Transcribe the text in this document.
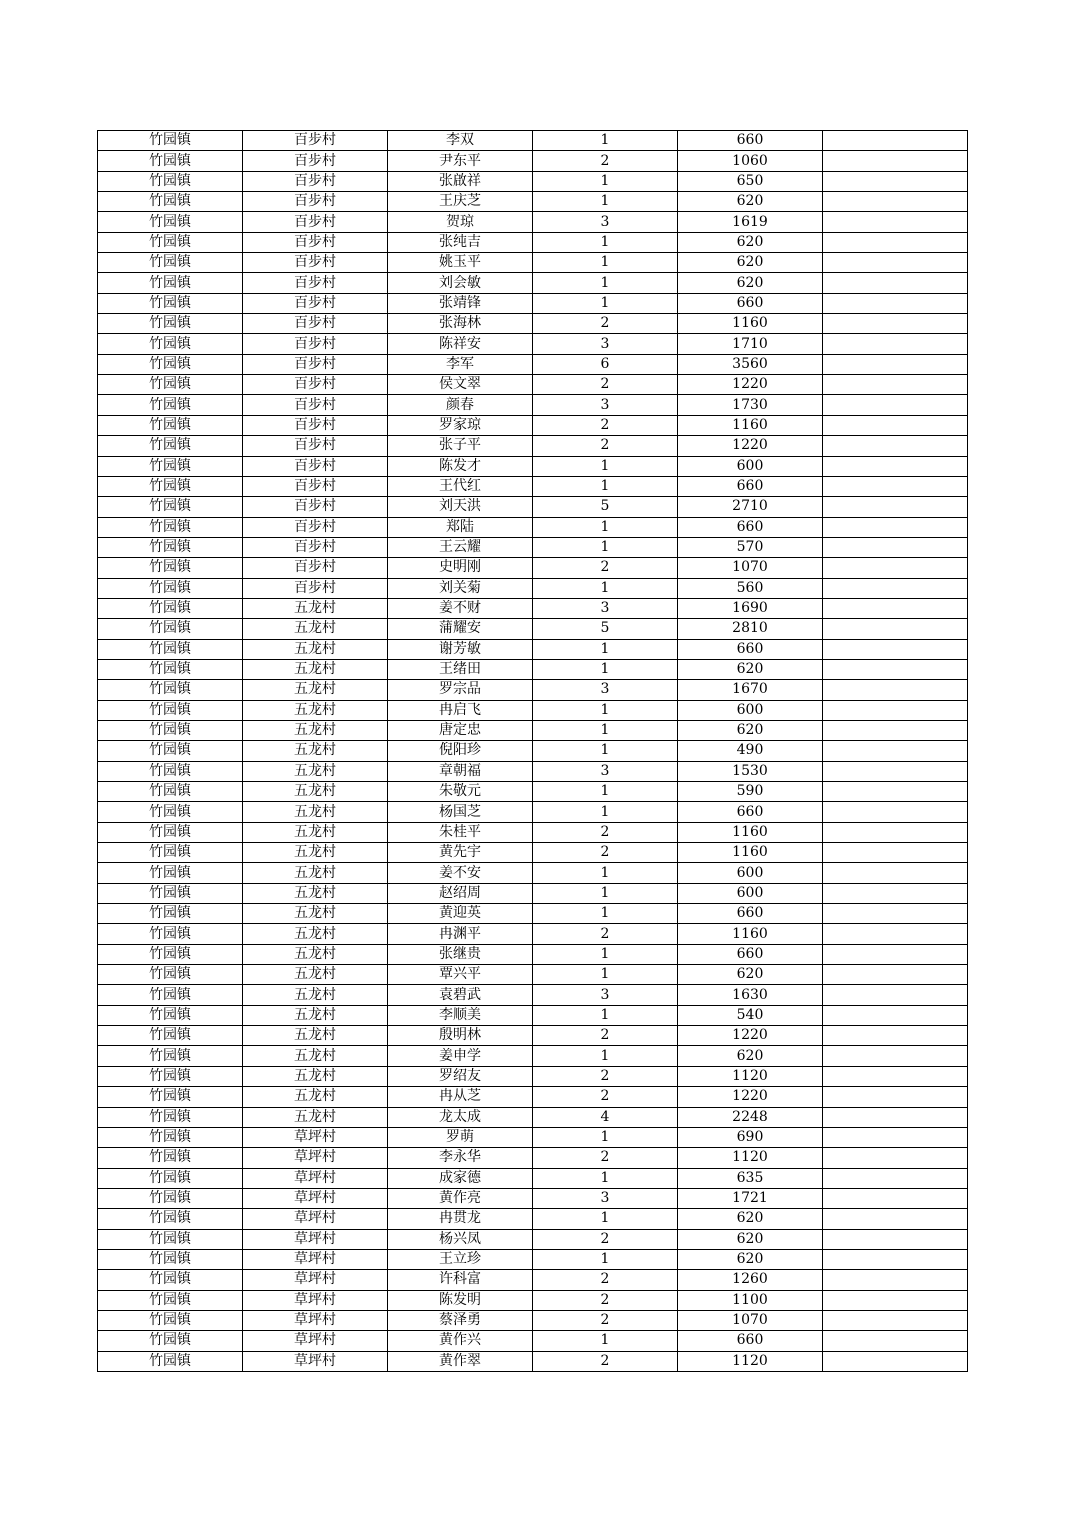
竹园镇	百步村	李双	1	660	
竹园镇	百步村	尹东平	2	1060	
竹园镇	百步村	张啟祥	1	650	
竹园镇	百步村	王庆芝	1	620	
竹园镇	百步村	贺琼	3	1619	
竹园镇	百步村	张纯吉	1	620	
竹园镇	百步村	姚玉平	1	620	
竹园镇	百步村	刘会敏	1	620	
竹园镇	百步村	张靖锋	1	660	
竹园镇	百步村	张海林	2	1160	
竹园镇	百步村	陈祥安	3	1710	
竹园镇	百步村	李军	6	3560	
竹园镇	百步村	侯文翠	2	1220	
竹园镇	百步村	颜春	3	1730	
竹园镇	百步村	罗家琼	2	1160	
竹园镇	百步村	张子平	2	1220	
竹园镇	百步村	陈发才	1	600	
竹园镇	百步村	王代红	1	660	
竹园镇	百步村	刘天洪	5	2710	
竹园镇	百步村	郑陆	1	660	
竹园镇	百步村	王云耀	1	570	
竹园镇	百步村	史明刚	2	1070	
竹园镇	百步村	刘关菊	1	560	
竹园镇	五龙村	姜不财	3	1690	
竹园镇	五龙村	蒲耀安	5	2810	
竹园镇	五龙村	谢芳敏	1	660	
竹园镇	五龙村	王绪田	1	620	
竹园镇	五龙村	罗宗品	3	1670	
竹园镇	五龙村	冉启飞	1	600	
竹园镇	五龙村	唐定忠	1	620	
竹园镇	五龙村	倪阳珍	1	490	
竹园镇	五龙村	章朝福	3	1530	
竹园镇	五龙村	朱敬元	1	590	
竹园镇	五龙村	杨国芝	1	660	
竹园镇	五龙村	朱桂平	2	1160	
竹园镇	五龙村	黄先宇	2	1160	
竹园镇	五龙村	姜不安	1	600	
竹园镇	五龙村	赵绍周	1	600	
竹园镇	五龙村	黄迎英	1	660	
竹园镇	五龙村	冉渊平	2	1160	
竹园镇	五龙村	张继贵	1	660	
竹园镇	五龙村	覃兴平	1	620	
竹园镇	五龙村	袁碧武	3	1630	
竹园镇	五龙村	李顺美	1	540	
竹园镇	五龙村	殷明林	2	1220	
竹园镇	五龙村	姜申学	1	620	
竹园镇	五龙村	罗绍友	2	1120	
竹园镇	五龙村	冉从芝	2	1220	
竹园镇	五龙村	龙太成	4	2248	
竹园镇	草坪村	罗萌	1	690	
竹园镇	草坪村	李永华	2	1120	
竹园镇	草坪村	成家德	1	635	
竹园镇	草坪村	黄作亮	3	1721	
竹园镇	草坪村	冉贯龙	1	620	
竹园镇	草坪村	杨兴凤	2	620	
竹园镇	草坪村	王立珍	1	620	
竹园镇	草坪村	许科富	2	1260	
竹园镇	草坪村	陈发明	2	1100	
竹园镇	草坪村	蔡泽勇	2	1070	
竹园镇	草坪村	黄作兴	1	660	
竹园镇	草坪村	黄作翠	2	1120	
